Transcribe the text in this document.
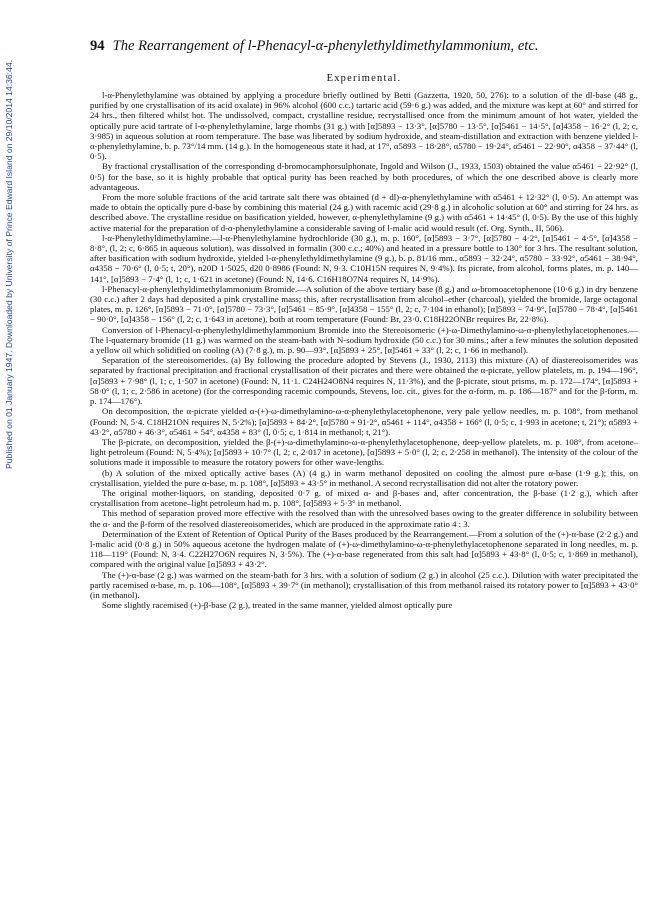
Published on 01 January 1947. Downloaded by University of Prince Edward Island on 29/10/2014 14:36:44.
94 The Rearrangement of l-Phenacyl-α-phenylethyldimethylammonium, etc.
Experimental.

l-α-Phenylethylamine was obtained by applying a procedure briefly outlined by Betti (Gazzetta, 1920, 50, 276): to a solution of the dl-base (48 g., purified by one crystallisation of its acid oxalate) in 96% alcohol (600 c.c.) tartaric acid (59·6 g.) was added, and the mixture was kept at 60° and stirred for 24 hrs., then filtered whilst hot. The undissolved, compact, crystalline residue, recrystallised once from the minimum amount of hot water, yielded the optically pure acid tartrate of l-α-phenylethylamine, large rhombs (31 g.) with [α]5893 − 13·3°, [α]5780 − 13·5°, [α]5461 − 14·5°, [α]4358 − 16·2° (l, 2; c, 3·985) in aqueous solution at room temperature. The base was liberated by sodium hydroxide, and steam-distillation and extraction with benzene yielded l-α-phenylethylamine, b. p. 73°/14 mm. (14 g.). In the homogeneous state it had, at 17°, α5893 − 18·28°, α5780 − 19·24°, α5461 − 22·90°, α4358 − 37·44° (l, 0·5).

By fractional crystallisation of the corresponding d-bromocamphorsulphonate, Ingold and Wilson (J., 1933, 1503) obtained the value α5461 − 22·92° (l, 0·5) for the base, so it is highly probable that optical purity has been reached by both procedures, of which the one described above is clearly more advantageous.

From the more soluble fractions of the acid tartrate salt there was obtained (d + dl)-α-phenylethylamine with α5461 + 12·32° (l, 0·5). An attempt was made to obtain the optically pure d-base by combining this material (24 g.) with racemic acid (29·8 g.) in alcoholic solution at 60° and stirring for 24 hrs. as described above. The crystalline residue on basification yielded, however, α-phenylethylamine (9 g.) with α5461 + 14·45° (l, 0·5). By the use of this highly active material for the preparation of d-α-phenylethylamine a considerable saving of l-malic acid would result (cf. Org. Synth., II, 506).

l-α-Phenylethyldimethylamine.—l-α-Phenylethylamine hydrochloride (30 g.), m. p. 160°, [α]5893 − 3·7°, [α]5780 − 4·2°, [α]5461 − 4·5°, [α]4358 − 8·8°, (l, 2; c, 6·865 in aqueous solution), was dissolved in formalin (300 c.c.; 40%) and heated in a pressure bottle to 130° for 3 hrs. The resultant solution, after basification with sodium hydroxide, yielded l-α-phenylethyldimethylamine (9 g.), b. p. 81/16 mm., α5893 − 32·24°, α5780 − 33·92°, α5461 − 38·94°, α4358 − 70·6° (l, 0·5; t, 20°), n20D 1·5025, d20 0·8986 (Found: N, 9·3. C10H15N requires N, 9·4%). Its picrate, from alcohol, forms plates, m. p. 140—141°, [α]5893 − 7·4° (l, 1; c, 1·621 in acetone) (Found: N, 14·6. C16H18O7N4 requires N, 14·9%).

l-Phenacyl-α-phenylethyldimethylammonium Bromide.—A solution of the above tertiary base (8 g.) and ω-bromoacetophenone (10·6 g.) in dry benzene (30 c.c.) after 2 days had deposited a pink crystalline mass; this, after recrystallisation from alcohol–ether (charcoal), yielded the bromide, large octagonal plates, m. p. 126°, [α]5893 − 71·0°, [α]5780 − 73·3°, [α]5461 − 85·9°, [α]4358 − 155° (l, 2; c, 7·104 in ethanol); [α]5893 − 74·9°, [α]5780 − 78·4°, [α]5461 − 90·0°, [α]4358 − 156° (l, 2; c, 1·643 in acetone), both at room temperature (Found: Br, 23·0. C18H22ONBr requires Br, 22·8%).

Conversion of l-Phenacyl-α-phenylethyldimethylammonium Bromide into the Stereoisomeric (+)-ω-Dimethylamino-ω-α-phenylethylacetophenones.—The l-quaternary bromide (11 g.) was warmed on the steam-bath with N-sodium hydroxide (50 c.c.) for 30 mins.; after a few minutes the solution deposited a yellow oil which solidified on cooling (A) (7·8 g.), m. p. 90—93°, [α]5893 + 25°, [α]5461 + 33° (l, 2; c, 1·66 in methanol).

Separation of the stereoisomerides. (a) By following the procedure adopted by Stevens (J., 1930, 2113) this mixture (A) of diastereoisomerides was separated by fractional precipitation and fractional crystallisation of their picrates and there were obtained the α-picrate, yellow platelets, m. p. 194—196°, [α]5893 + 7·98° (l, 1; c, 1·507 in acetone) (Found: N, 11·1. C24H24O8N4 requires N, 11·3%), and the β-picrate, stout prisms, m. p. 172—174°, [α]5893 + 58·0° (l, 1; c, 2·586 in acetone) (for the corresponding racemic compounds, Stevens, loc. cit., gives for the α-form, m. p. 186—187° and for the β-form, m. p. 174—176°).

On decomposition, the α-picrate yielded α-(+)-ω-dimethylamino-ω-α-phenylethylacetophenone, very pale yellow needles, m. p. 108°, from methanol (Found: N, 5·4. C18H21ON requires N, 5·2%); [α]5893 + 84·2°, [α]5780 + 91·2°, α5461 + 114°, α4358 + 166° (l, 0·5; c, 1·993 in acetone; t, 21°); α5893 + 43·2°, α5780 + 46·3°, α5461 + 54°, α4358 + 83° (l, 0·5; c, 1·814 in methanol; t, 21°).

The β-picrate, on decomposition, yielded the β-(+)-ω-dimethylamino-ω-α-phenylethylacetophenone, deep-yellow platelets, m. p. 108°, from acetone–light petroleum (Found: N, 5·4%); [α]5893 + 10·7° (l, 2; c, 2·017 in acetone), [α]5893 + 5·0° (l, 2; c, 2·258 in methanol). The intensity of the colour of the solutions made it impossible to measure the rotatory powers for other wave-lengths.

(b) A solution of the mixed optically active bases (A) (4 g.) in warm methanol deposited on cooling the almost pure α-base (1·9 g.); this, on crystallisation, yielded the pure α-base, m. p. 108°, [α]5893 + 43·5° in methanol. A second recrystallisation did not alter the rotatory power.

The original mother-liquors, on standing, deposited 0·7 g. of mixed α- and β-bases and, after concentration, the β-base (1·2 g.), which after crystallisation from acetone–light petroleum had m. p. 108°, [α]5893 + 5·3° in methanol.

This method of separation proved more effective with the resolved than with the unresolved bases owing to the greater difference in solubility between the α- and the β-form of the resolved diastereoisomerides, which are produced in the approximate ratio 4 : 3.

Determination of the Extent of Retention of Optical Purity of the Bases produced by the Rearrangement.—From a solution of the (+)-α-base (2·2 g.) and l-malic acid (0·8 g.) in 50% aqueous acetone the hydrogen malate of (+)-ω-dimethylamino-ω-α-phenylethylacetophenone separated in long needles, m. p. 118—119° (Found: N, 3·4. C22H27O6N requires N, 3·5%). The (+)-α-base regenerated from this salt had [α]5893 + 43·8° (l, 0·5; c, 1·869 in methanol), compared with the original value [α]5893 + 43·2°.

The (+)-α-base (2 g.) was warmed on the steam-bath for 3 hrs. with a solution of sodium (2 g.) in alcohol (25 c.c.). Dilution with water precipitated the partly racemised α-base, m. p. 106—108°, [α]5893 + 39·7° (in methanol); crystallisation of this from methanol raised its rotatory power to [α]5893 + 43·0° (in methanol).

Some slightly racemised (+)-β-base (2 g.), treated in the same manner, yielded almost optically pure
